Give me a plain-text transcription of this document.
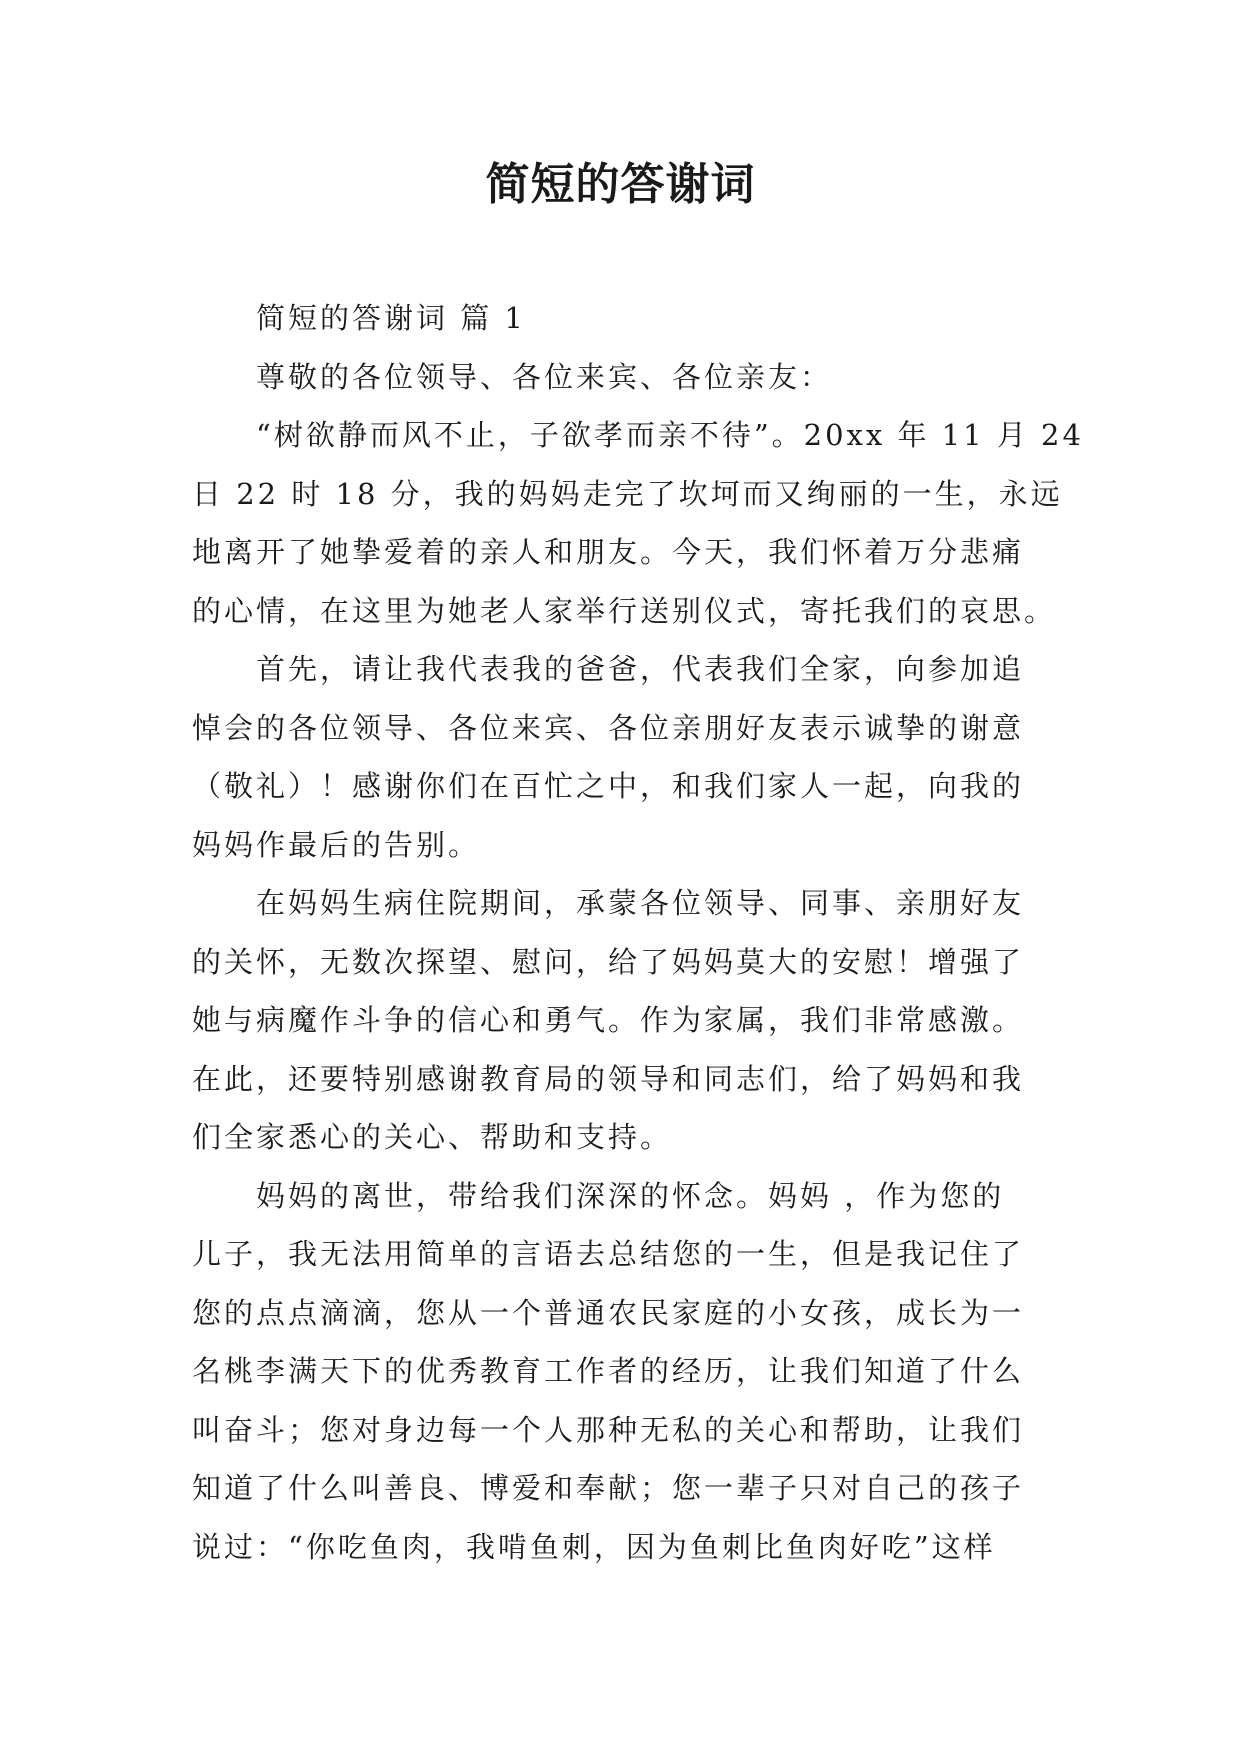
简短的答谢词
简短的答谢词 篇 1
尊敬的各位领导、各位来宾、各位亲友：
“树欲静而风不止，子欲孝而亲不待”。20xx 年 11 月 24
日 22 时 18 分，我的妈妈走完了坎坷而又绚丽的一生，永远
地离开了她挚爱着的亲人和朋友。今天，我们怀着万分悲痛
的心情，在这里为她老人家举行送别仪式，寄托我们的哀思。
首先，请让我代表我的爸爸，代表我们全家，向参加追
悼会的各位领导、各位来宾、各位亲朋好友表示诚挚的谢意
（敬礼）！感谢你们在百忙之中，和我们家人一起，向我的
妈妈作最后的告别。
在妈妈生病住院期间，承蒙各位领导、同事、亲朋好友
的关怀，无数次探望、慰问，给了妈妈莫大的安慰！增强了
她与病魔作斗争的信心和勇气。作为家属，我们非常感激。
在此，还要特别感谢教育局的领导和同志们，给了妈妈和我
们全家悉心的关心、帮助和支持。
妈妈的离世，带给我们深深的怀念。妈妈 ，作为您的
儿子，我无法用简单的言语去总结您的一生，但是我记住了
您的点点滴滴，您从一个普通农民家庭的小女孩，成长为一
名桃李满天下的优秀教育工作者的经历，让我们知道了什么
叫奋斗；您对身边每一个人那种无私的关心和帮助，让我们
知道了什么叫善良、博爱和奉献；您一辈子只对自己的孩子
说过：“你吃鱼肉，我啃鱼刺，因为鱼刺比鱼肉好吃”这样
